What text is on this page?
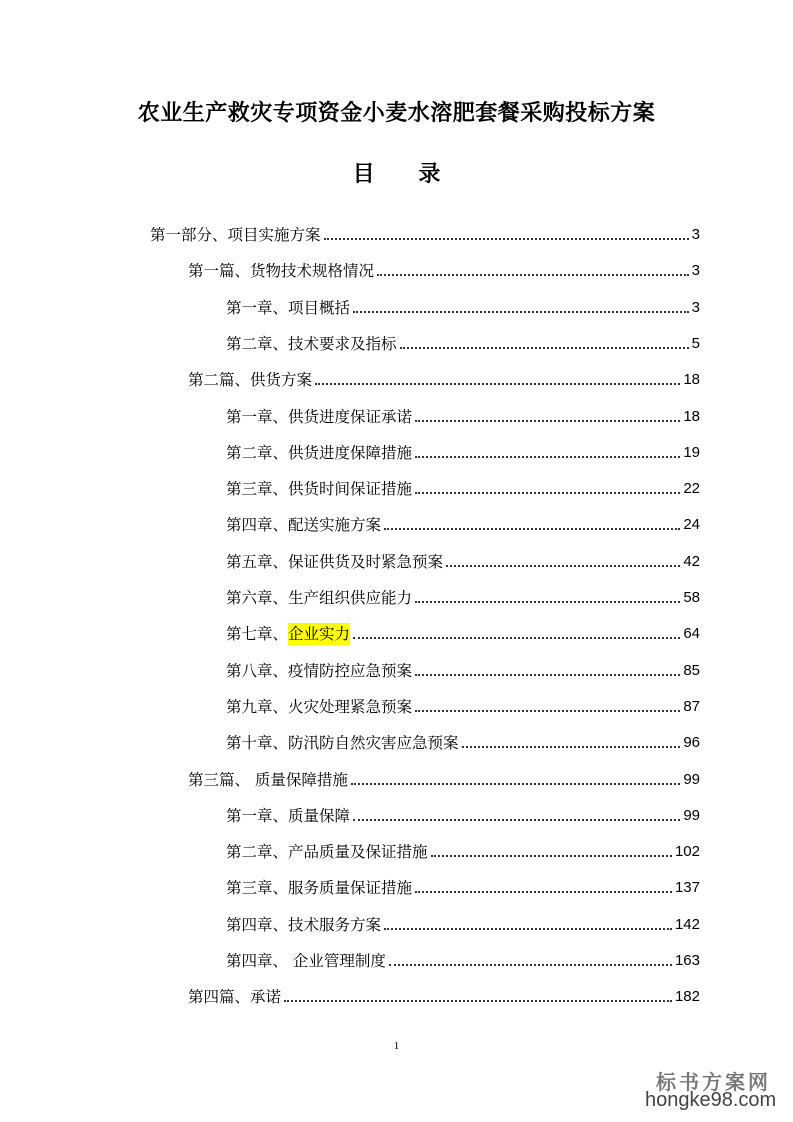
农业生产救灾专项资金小麦水溶肥套餐采购投标方案
目 录
第一部分、项目实施方案	3
第一篇、货物技术规格情况	3
第一章、项目概括	3
第二章、技术要求及指标	5
第二篇、供货方案	18
第一章、供货进度保证承诺	18
第二章、供货进度保障措施	19
第三章、供货时间保证措施	22
第四章、配送实施方案	24
第五章、保证供货及时紧急预案	42
第六章、生产组织供应能力	58
第七章、 企业实力	64
第八章、疫情防控应急预案	85
第九章、火灾处理紧急预案	87
第十章、防汛防自然灾害应急预案	96
第三篇、 质量保障措施	99
第一章、质量保障	99
第二章、产品质量及保证措施	102
第三章、服务质量保证措施	137
第四章、技术服务方案	142
第四章、 企业管理制度	163
第四篇、承诺	182
1
标书方案网
hongke98.com
